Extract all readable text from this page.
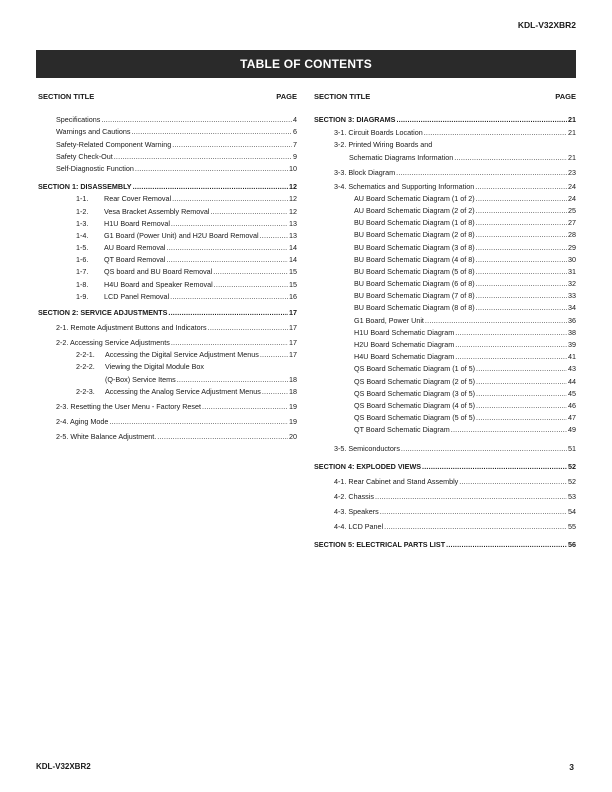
KDL-V32XBR2
TABLE OF CONTENTS
SECTION TITLE	PAGE
Specifications .....	4
Warnings and Cautions .....	6
Safety-Related Component Warning .....	7
Safety Check-Out .....	9
Self-Diagnostic Function .....	10
SECTION 1: DISASSEMBLY .....	12
1-1.	Rear Cover Removal .....	12
1-2.	Vesa Bracket Assembly Removal .....	12
1-3.	H1U Board Removal .....	13
1-4.	G1 Board (Power Unit) and H2U Board Removal .....	13
1-5.	AU Board Removal .....	14
1-6.	QT Board Removal .....	14
1-7.	QS board and BU Board Removal .....	15
1-8.	H4U Board and Speaker Removal .....	15
1-9.	LCD Panel Removal .....	16
SECTION 2: SERVICE ADJUSTMENTS .....	17
2-1. Remote Adjustment Buttons and Indicators .....	17
2-2. Accessing Service Adjustments .....	17
2-2-1.	Accessing the Digital Service Adjustment Menus .....	17
2-2-2.	Viewing the Digital Module Box
(Q-Box) Service Items .....	18
2-2-3.	Accessing the Analog Service Adjustment Menus .....	18
2-3. Resetting the User Menu - Factory Reset .....	19
2-4. Aging Mode .....	19
2-5. White Balance Adjustment. .....	20
SECTION TITLE	PAGE
SECTION 3: DIAGRAMS .....	21
3-1. Circuit Boards Location .....	21
3-2. Printed Wiring Boards and
Schematic Diagrams Information .....	21
3-3. Block Diagram .....	23
3-4. Schematics and Supporting Information .....	24
AU Board Schematic Diagram (1 of 2) .....	24
AU Board Schematic Diagram (2 of 2) .....	25
BU Board Schematic Diagram (1 of 8) .....	27
BU Board Schematic Diagram (2 of 8) .....	28
BU Board Schematic Diagram (3 of 8) .....	29
BU Board Schematic Diagram (4 of 8) .....	30
BU Board Schematic Diagram (5 of 8) .....	31
BU Board Schematic Diagram (6 of 8) .....	32
BU Board Schematic Diagram (7 of 8) .....	33
BU Board Schematic Diagram (8 of 8) .....	34
G1 Board, Power Unit .....	36
H1U Board Schematic Diagram .....	38
H2U Board Schematic Diagram .....	39
H4U Board Schematic Diagram .....	41
QS Board Schematic Diagram (1 of 5) .....	43
QS Board Schematic Diagram (2 of 5) .....	44
QS Board Schematic Diagram (3 of 5) .....	45
QS Board Schematic Diagram (4 of 5) .....	46
QS Board Schematic Diagram (5 of 5) .....	47
QT Board Schematic Diagram .....	49
3-5. Semiconductors .....	51
SECTION 4: EXPLODED VIEWS .....	52
4-1. Rear Cabinet and Stand Assembly .....	52
4-2. Chassis .....	53
4-3. Speakers .....	54
4-4. LCD Panel .....	55
SECTION 5: ELECTRICAL PARTS LIST .....	56
KDL-V32XBR2	3
